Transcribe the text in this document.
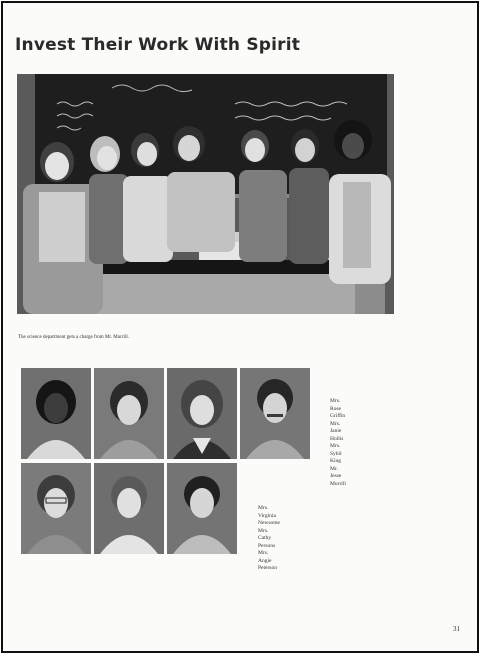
Invest Their Work With Spirit
The science department gets a charge from Mr. Murrill.
Mrs. Rose Griffin
Mrs. Janie Hollis
Mrs. Sybil King
Mr. Jesse Murrill
Mrs. Virginia Newsome
Mrs. Cathy Persons
Mrs. Angie Peterson
31
